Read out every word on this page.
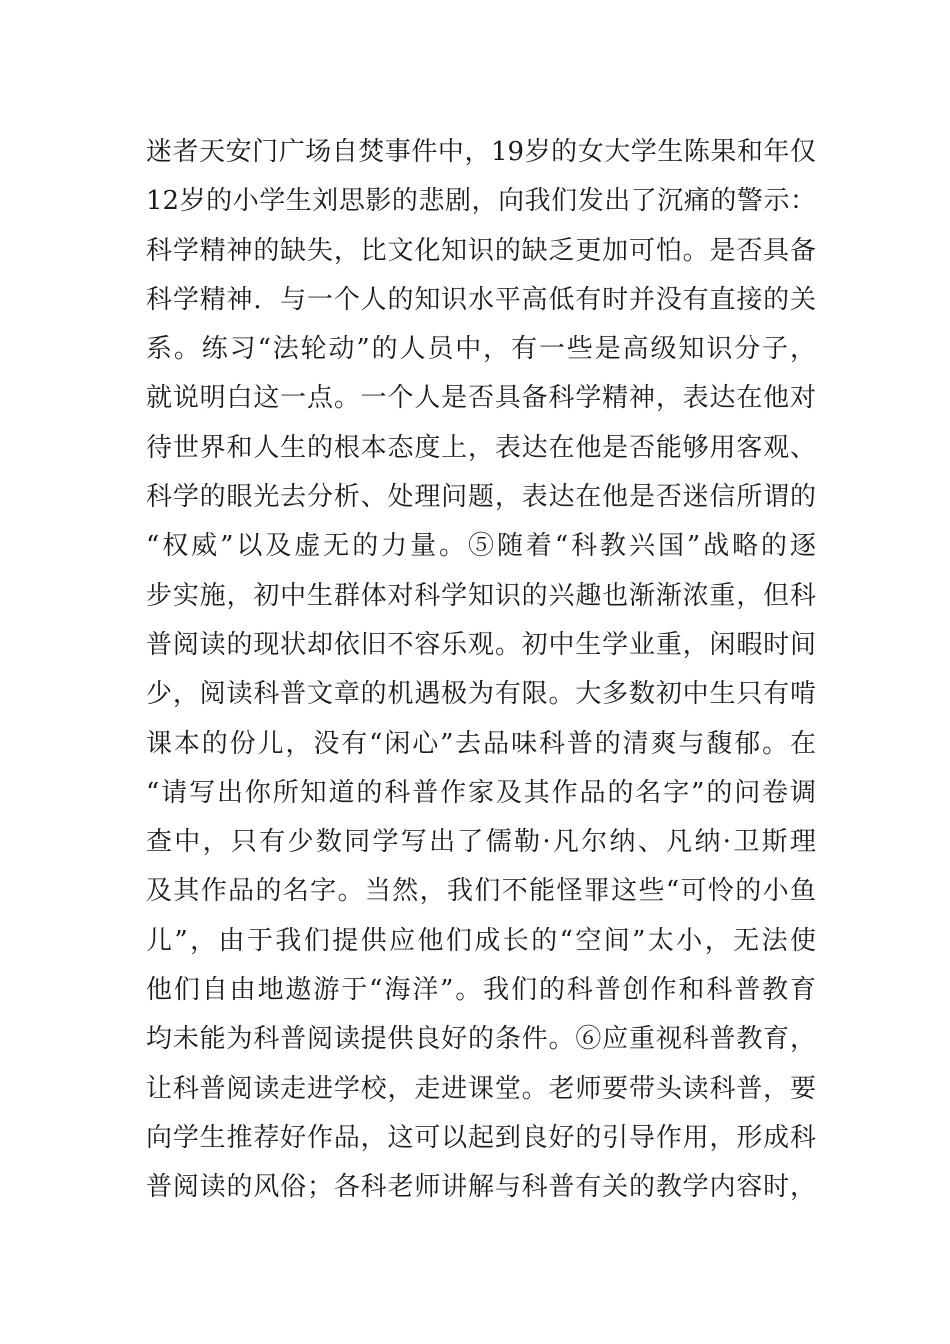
迷者天安门广场自焚事件中，19岁的女大学生陈果和年仅
12岁的小学生刘思影的悲剧，向我们发出了沉痛的警示：
科学精神的缺失，比文化知识的缺乏更加可怕。是否具备
科学精神．与一个人的知识水平高低有时并没有直接的关
系。练习“法轮动”的人员中，有一些是高级知识分子，
就说明白这一点。一个人是否具备科学精神，表达在他对
待世界和人生的根本态度上，表达在他是否能够用客观、
科学的眼光去分析、处理问题，表达在他是否迷信所谓的
“权威”以及虚无的力量。⑤随着“科教兴国”战略的逐
步实施，初中生群体对科学知识的兴趣也渐渐浓重，但科
普阅读的现状却依旧不容乐观。初中生学业重，闲暇时间
少，阅读科普文章的机遇极为有限。大多数初中生只有啃
课本的份儿，没有“闲心”去品味科普的清爽与馥郁。在
“请写出你所知道的科普作家及其作品的名字”的问卷调
查中，只有少数同学写出了儒勒·凡尔纳、凡纳·卫斯理
及其作品的名字。当然，我们不能怪罪这些“可怜的小鱼
儿”，由于我们提供应他们成长的“空间”太小，无法使
他们自由地遨游于“海洋”。我们的科普创作和科普教育
均未能为科普阅读提供良好的条件。⑥应重视科普教育，
让科普阅读走进学校，走进课堂。老师要带头读科普，要
向学生推荐好作品，这可以起到良好的引导作用，形成科
普阅读的风俗；各科老师讲解与科普有关的教学内容时，
